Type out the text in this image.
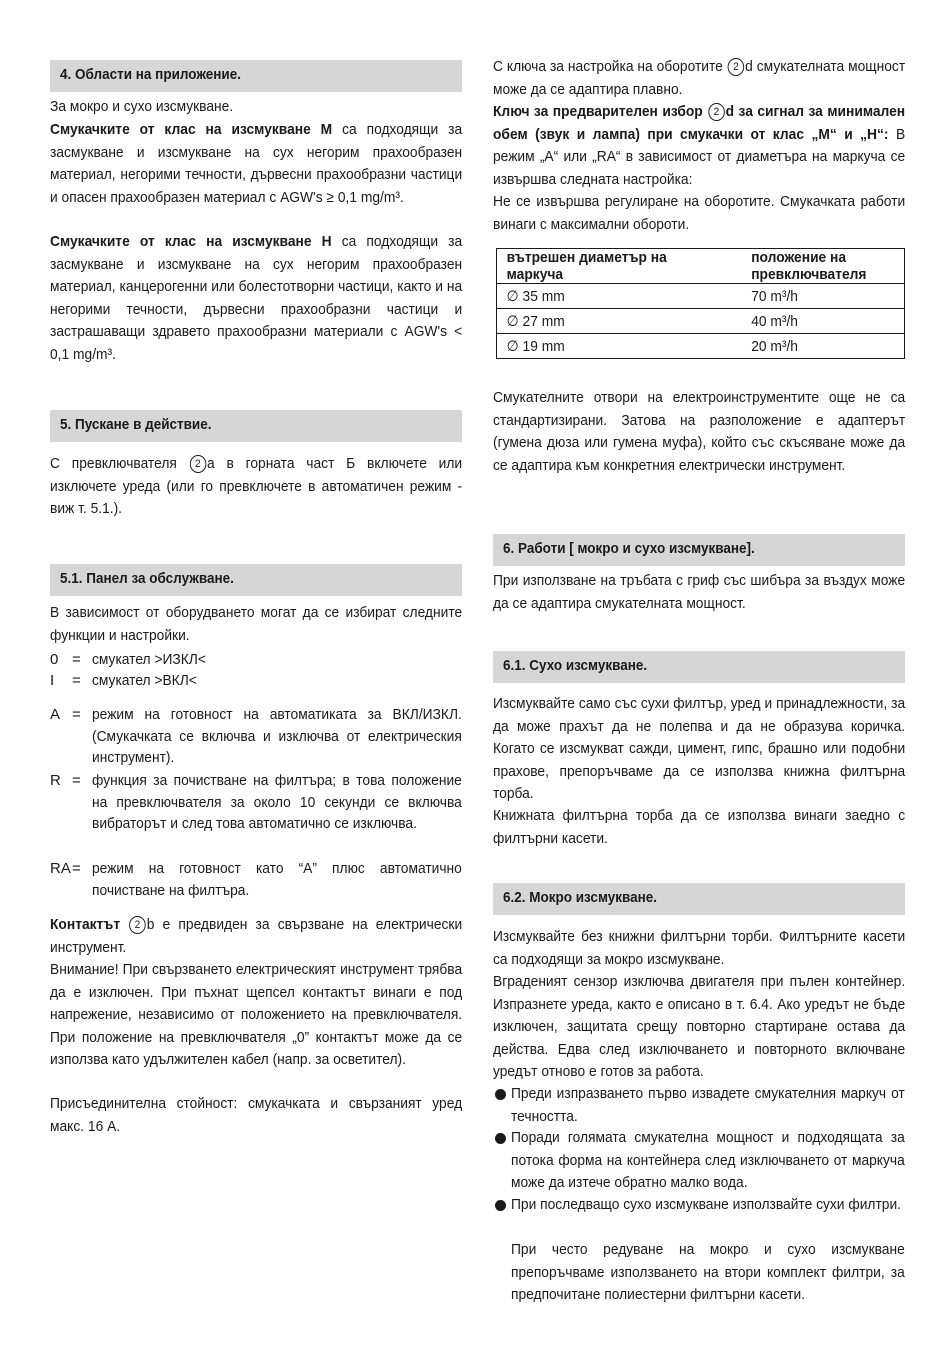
4. Области на приложение.

За мокро и сухо изсмукване.

Смукачките от клас на изсмукване М са подходящи за засмукване и изсмукване на сух негорим прахообразен материал, негорими течности, дървесни прахообразни частици и опасен прахообразен материал с AGW's ≥ 0,1 mg/m³.

Смукачките от клас на изсмукване Н са подходящи за засмукване и изсмукване на сух негорим прахообразен материал, канцерогенни или болестотворни частици, както и на негорими течности, дървесни прахообразни частици и застрашаващи здравето прахообразни материали с AGW's < 0,1 mg/m³.

5. Пускане в действие.

С превключвателя 2 а в горната част Б включете или изключете уреда (или го превключете в автоматичен режим - виж т. 5.1.).

5.1. Панел за обслужване.

В зависимост от оборудването могат да се избират следните функции и настройки.

0 = смукател >ИЗКЛ<
I	= смукател >ВКЛ<
A = режим на готовност на автоматиката за ВКЛ/ИЗКЛ. (Смукачката се включва и изключва от електрическия инструмент).
R = функция за почистване на филтъра; в това положение на превключвателя за около 10 секунди се включва вибраторът и след това автоматично се изключва.
RA = режим на готовност като “A” плюс автоматично почистване на филтъра.

Контактът 2 b е предвиден за свързване на електрически инструмент.

Внимание! При свързването електрическият инструмент трябва да е изключен. При пъхнат щепсел контактът винаги е под напрежение, независимо от положението на превключвателя. При положение на превключвателя „0” контактът може да се използва като удължителен кабел (напр. за осветител).

Присъединителна стойност: смукачката и свързаният уред макс. 16 А.

С ключа за настройка на оборотите 2 d смукателната мощност може да се адаптира плавно.

Ключ за предварителен избор 2 d за сигнал за минимален обем (звук и лампа) при смукачки от клас „M“ и „H“: В режим „A“ или „RA“ в зависимост от диаметъра на маркуча се извършва следната настройка:

Не се извършва регулиране на оборотите. Смукачката работи винаги с максимални обороти.

вътрешен диаметър на
маркуча	положение на
превключвателя
∅ 35 mm	70 m³/h
∅ 27 mm	40 m³/h
∅ 19 mm	20 m³/h

Смукателните отвори на електроинструментите още не са стандартизирани. Затова на разположение е адаптерът (гумена дюза или гумена муфа), който със скъсяване може да се адаптира към конкретния електрически инструмент.

6. Работи [ мокро и сухо изсмукване].

При използване на тръбата с гриф със шибъра за въздух може да се адаптира смукателната мощност.

6.1. Сухо изсмукване.

Изсмуквайте само със сухи филтър, уред и принадлежности, за да може прахът да не полепва и да не образува коричка. Когато се изсмукват сажди, цимент, гипс, брашно или подобни прахове, препоръчваме да се използва книжна филтърна торба.

Книжната филтърна торба да се използва винаги заедно с филтърни касети.

6.2. Мокро изсмукване.

Изсмуквайте без книжни филтърни торби. Филтърните касети са подходящи за мокро изсмукване.

Вграденият сензор изключва двигателя при пълен контейнер. Изпразнете уреда, както е описано в т. 6.4. Ако уредът не бъде изключен, защитата срещу повторно стартиране остава да действа. Едва след изключването и повторното включване уредът отново е готов за работа.

Преди изпразването първо извадете смукателния маркуч от течността.
Поради голямата смукателна мощност и подходящата за потока форма на контейнера след изключването от маркуча може да изтече обратно малко вода.
При последващо сухо изсмукване използвайте сухи филтри.
При често редуване на мокро и сухо изсмукване препоръчваме използването на втори комплект филтри, за предпочитане полиестерни филтърни касети.
